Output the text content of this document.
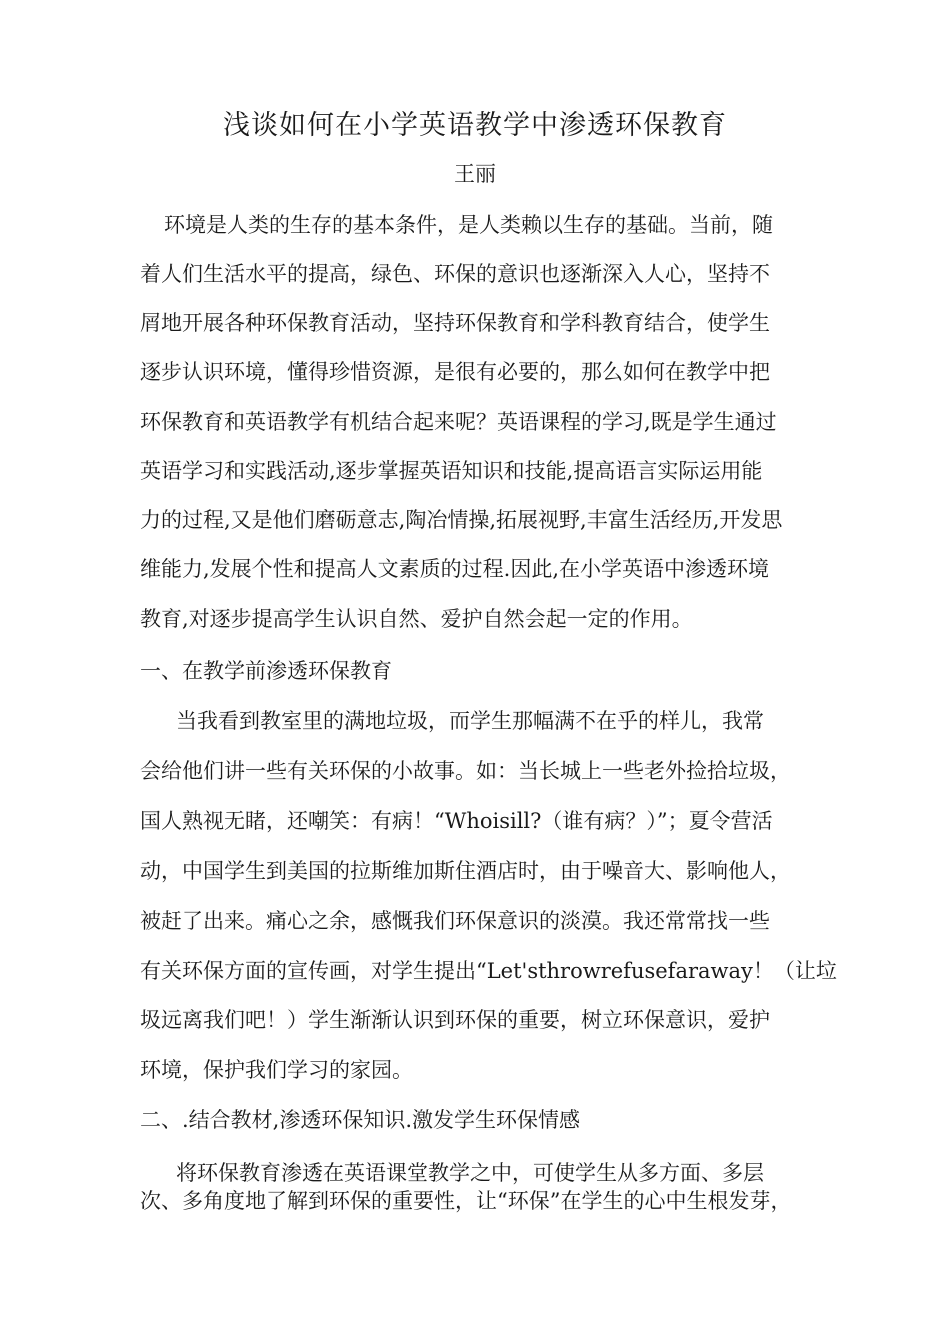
浅谈如何在小学英语教学中渗透环保教育
王丽
环境是人类的生存的基本条件，是人类赖以生存的基础。当前，随
着人们生活水平的提高，绿色、环保的意识也逐渐深入人心，坚持不
屑地开展各种环保教育活动，坚持环保教育和学科教育结合，使学生
逐步认识环境，懂得珍惜资源，是很有必要的，那么如何在教学中把
环保教育和英语教学有机结合起来呢？英语课程的学习,既是学生通过
英语学习和实践活动,逐步掌握英语知识和技能,提高语言实际运用能
力的过程,又是他们磨砺意志,陶冶情操,拓展视野,丰富生活经历,开发思
维能力,发展个性和提高人文素质的过程.因此,在小学英语中渗透环境
教育,对逐步提高学生认识自然、爱护自然会起一定的作用。
一、在教学前渗透环保教育
当我看到教室里的满地垃圾，而学生那幅满不在乎的样儿，我常
会给他们讲一些有关环保的小故事。如：当长城上一些老外捡拾垃圾，
国人熟视无睹，还嘲笑：有病！“Whoisill?（谁有病？）”；夏令营活
动，中国学生到美国的拉斯维加斯住酒店时，由于噪音大、影响他人，
被赶了出来。痛心之余，感慨我们环保意识的淡漠。我还常常找一些
有关环保方面的宣传画，对学生提出“Let'sthrowrefusefaraway！（让垃
圾远离我们吧！）学生渐渐认识到环保的重要，树立环保意识，爱护
环境，保护我们学习的家园。
二、.结合教材,渗透环保知识.激发学生环保情感
将环保教育渗透在英语课堂教学之中，可使学生从多方面、多层
次、多角度地了解到环保的重要性，让“环保”在学生的心中生根发芽，
